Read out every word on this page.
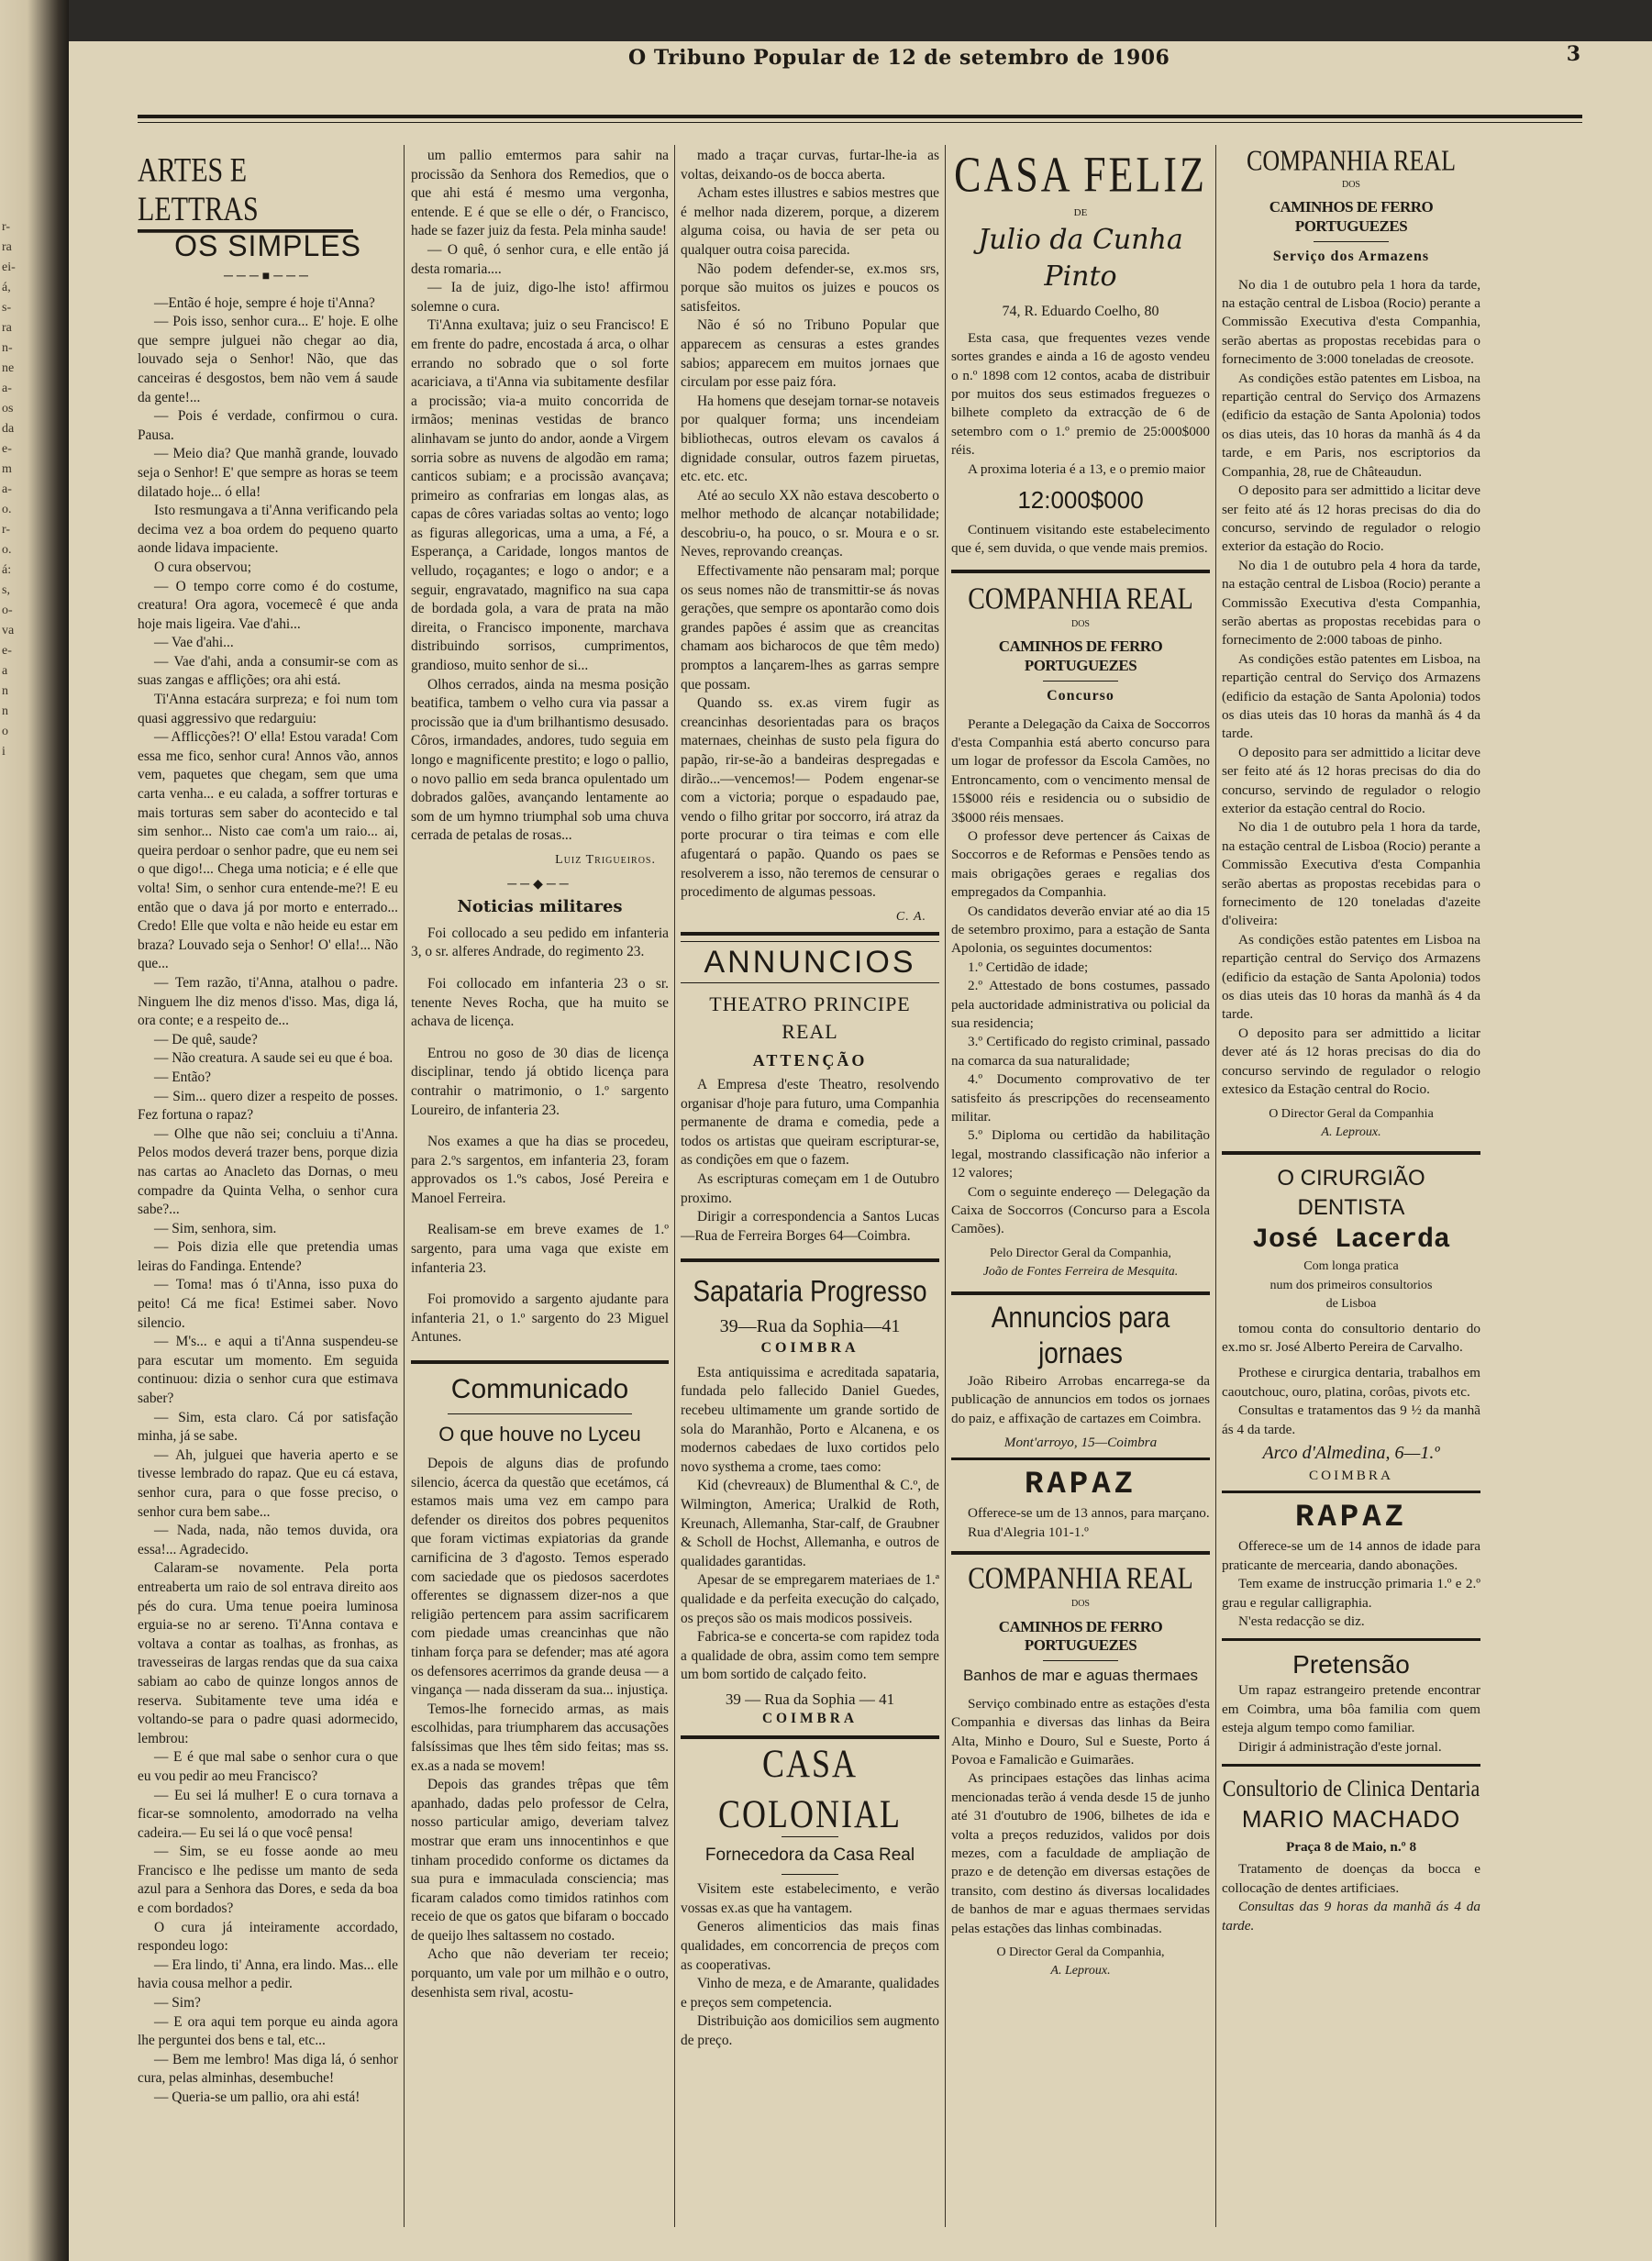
r-
ra
ei-
á,
s-
ra
n-
ne
a-
os
da
e-
m
a-
o.
r-
o.
á:
s,
o-
va
e-
a
n
n
o
i
O Tribuno Popular de 12 de setembro de 1906	3
ARTES E LETTRAS
OS SIMPLES
───■───

—Então é hoje, sempre é hoje ti'Anna?

— Pois isso, senhor cura... E' hoje. E olhe que sempre julguei não chegar ao dia, louvado seja o Senhor! Não, que das canceiras é desgostos, bem não vem á saude da gente!...

— Pois é verdade, confirmou o cura. Pausa.

— Meio dia? Que manhã grande, louvado seja o Senhor! E' que sempre as horas se teem dilatado hoje... ó ella!

Isto resmungava a ti'Anna verificando pela decima vez a boa ordem do pequeno quarto aonde lidava impaciente.

O cura observou;

— O tempo corre como é do costume, creatura! Ora agora, vocemecê é que anda hoje mais ligeira. Vae d'ahi...

— Vae d'ahi...

— Vae d'ahi, anda a consumir-se com as suas zangas e afflições; ora ahi está.

Ti'Anna estacára surpreza; e foi num tom quasi aggressivo que redarguiu:

— Afflicções?! O' ella! Estou varada! Com essa me fico, senhor cura! Annos vão, annos vem, paquetes que chegam, sem que uma carta venha... e eu calada, a soffrer torturas e mais torturas sem saber do acontecido e tal sim senhor... Nisto cae com'a um raio... ai, queira perdoar o senhor padre, que eu nem sei o que digo!... Chega uma noticia; e é elle que volta! Sim, o senhor cura entende-me?! E eu então que o dava já por morto e enterrado... Credo! Elle que volta e não heide eu estar em braza? Louvado seja o Senhor! O' ella!... Não que...

— Tem razão, ti'Anna, atalhou o padre. Ninguem lhe diz menos d'isso. Mas, diga lá, ora conte; e a respeito de...

— De quê, saude?

— Não creatura. A saude sei eu que é boa.

— Então?

— Sim... quero dizer a respeito de posses. Fez fortuna o rapaz?

— Olhe que não sei; concluiu a ti'Anna. Pelos modos deverá trazer bens, porque dizia nas cartas ao Anacleto das Dornas, o meu compadre da Quinta Velha, o senhor cura sabe?...

— Sim, senhora, sim.

— Pois dizia elle que pretendia umas leiras do Fandinga. Entende?

— Toma! mas ó ti'Anna, isso puxa do peito! Cá me fica! Estimei saber. Novo silencio.

— M's... e aqui a ti'Anna suspendeu-se para escutar um momento. Em seguida continuou: dizia o senhor cura que estimava saber?

— Sim, esta claro. Cá por satisfação minha, já se sabe.

— Ah, julguei que haveria aperto e se tivesse lembrado do rapaz. Que eu cá estava, senhor cura, para o que fosse preciso, o senhor cura bem sabe...

— Nada, nada, não temos duvida, ora essa!... Agradecido.

Calaram-se novamente. Pela porta entreaberta um raio de sol entrava direito aos pés do cura. Uma tenue poeira luminosa erguia-se no ar sereno. Ti'Anna contava e voltava a contar as toalhas, as fronhas, as travesseiras de largas rendas que da sua caixa sabiam ao cabo de quinze longos annos de reserva. Subitamente teve uma idéa e voltando-se para o padre quasi adormecido, lembrou:

— E é que mal sabe o senhor cura o que eu vou pedir ao meu Francisco?

— Eu sei lá mulher! E o cura tornava a ficar-se somnolento, amodorrado na velha cadeira.— Eu sei lá o que você pensa!

— Sim, se eu fosse aonde ao meu Francisco e lhe pedisse um manto de seda azul para a Senhora das Dores, e seda da boa e com bordados?

O cura já inteiramente accordado, respondeu logo:

— Era lindo, ti' Anna, era lindo. Mas... elle havia cousa melhor a pedir.

— Sim?

— E ora aqui tem porque eu ainda agora lhe perguntei dos bens e tal, etc...

— Bem me lembro! Mas diga lá, ó senhor cura, pelas alminhas, desembuche!

— Queria-se um pallio, ora ahi está!

um pallio emtermos para sahir na procissão da Senhora dos Remedios, que o que ahi está é mesmo uma vergonha, entende. E é que se elle o dér, o Francisco, hade se fazer juiz da festa. Pela minha saude!

— O quê, ó senhor cura, e elle então já desta romaria....

— Ia de juiz, digo-lhe isto! affirmou solemne o cura.

Ti'Anna exultava; juiz o seu Francisco! E em frente do padre, encostada á arca, o olhar errando no sobrado que o sol forte acariciava, a ti'Anna via subitamente desfilar a procissão; via-a muito concorrida de irmãos; meninas vestidas de branco alinhavam se junto do andor, aonde a Virgem sorria sobre as nuvens de algodão em rama; canticos subiam; e a procissão avançava; primeiro as confrarias em longas alas, as capas de côres variadas soltas ao vento; logo as figuras allegoricas, uma a uma, a Fé, a Esperança, a Caridade, longos mantos de velludo, roçagantes; e logo o andor; e a seguir, engravatado, magnifico na sua capa de bordada gola, a vara de prata na mão direita, o Francisco imponente, marchava distribuindo sorrisos, cumprimentos, grandioso, muito senhor de si...

Olhos cerrados, ainda na mesma posição beatifica, tambem o velho cura via passar a procissão que ia d'um brilhantismo desusado. Côros, irmandades, andores, tudo seguia em longo e magnificente prestito; e logo o pallio, o novo pallio em seda branca opulentado um dobrados galões, avançando lentamente ao som de um hymno triumphal sob uma chuva cerrada de petalas de rosas...

Luiz Trigueiros.
──◆──
Noticias militares

Foi collocado a seu pedido em infanteria 3, o sr. alferes Andrade, do regimento 23.

Foi collocado em infanteria 23 o sr. tenente Neves Rocha, que ha muito se achava de licença.

Entrou no goso de 30 dias de licença disciplinar, tendo já obtido licença para contrahir o matrimonio, o 1.º sargento Loureiro, de infanteria 23.

Nos exames a que ha dias se procedeu, para 2.ºs sargentos, em infanteria 23, foram approvados os 1.ºs cabos, José Pereira e Manoel Ferreira.

Realisam-se em breve exames de 1.º sargento, para uma vaga que existe em infanteria 23.

Foi promovido a sargento ajudante para infanteria 21, o 1.º sargento do 23 Miguel Antunes.

Communicado
O que houve no Lyceu

Depois de alguns dias de profundo silencio, ácerca da questão que ecetámos, cá estamos mais uma vez em campo para defender os direitos dos pobres pequenitos que foram victimas expiatorias da grande carnificina de 3 d'agosto. Temos esperado com saciedade que os piedosos sacerdotes offerentes se dignassem dizer-nos a que religião pertencem para assim sacrificarem com piedade umas creancinhas que não tinham força para se defender; mas até agora os defensores acerrimos da grande deusa — a vingança — nada disseram da sua... injustiça.

Temos-lhe fornecido armas, as mais escolhidas, para triumpharem das accusações falsíssimas que lhes têm sido feitas; mas ss. ex.as a nada se movem!

Depois das grandes trêpas que têm apanhado, dadas pelo professor de Celra, nosso particular amigo, deveriam talvez mostrar que eram uns innocentinhos e que tinham procedido conforme os dictames da sua pura e immaculada consciencia; mas ficaram calados como timidos ratinhos com receio de que os gatos que bifaram o boccado de queijo lhes saltassem no costado.

Acho que não deveriam ter receio; porquanto, um vale por um milhão e o outro, desenhista sem rival, acostu-

mado a traçar curvas, furtar-lhe-ia as voltas, deixando-os de bocca aberta.

Acham estes illustres e sabios mestres que é melhor nada dizerem, porque, a dizerem alguma coisa, ou havia de ser peta ou qualquer outra coisa parecida.

Não podem defender-se, ex.mos srs, porque são muitos os juizes e poucos os satisfeitos.

Não é só no Tribuno Popular que apparecem as censuras a estes grandes sabios; apparecem em muitos jornaes que circulam por esse paiz fóra.

Ha homens que desejam tornar-se notaveis por qualquer forma; uns incendeiam bibliothecas, outros elevam os cavalos á dignidade consular, outros fazem piruetas, etc. etc. etc.

Até ao seculo XX não estava descoberto o melhor methodo de alcançar notabilidade; descobriu-o, ha pouco, o sr. Moura e o sr. Neves, reprovando creanças.

Effectivamente não pensaram mal; porque os seus nomes não de transmittir-se ás novas gerações, que sempre os apontarão como dois grandes papões é assim que as creancitas chamam aos bicharocos de que têm medo) promptos a lançarem-lhes as garras sempre que possam.

Quando ss. ex.as virem fugir as creancinhas desorientadas para os braços maternaes, cheinhas de susto pela figura do papão, rir-se-ão a bandeiras despregadas e dirão...—vencemos!— Podem engenar-se com a victoria; porque o espadaudo pae, vendo o filho gritar por soccorro, irá atraz da porte procurar o tira teimas e com elle afugentará o papão. Quando os paes se resolverem a isso, não teremos de censurar o procedimento de algumas pessoas.

C. A.
ANNUNCIOS
THEATRO PRINCIPE REAL
ATTENÇÃO

A Empresa d'este Theatro, resolvendo organisar d'hoje para futuro, uma Companhia permanente de drama e comedia, pede a todos os artistas que queiram escripturar-se, as condições em que o fazem.

As escripturas começam em 1 de Outubro proximo.

Dirigir a correspondencia a Santos Lucas—Rua de Ferreira Borges 64—Coimbra.

Sapataria Progresso
39—Rua da Sophia—41
COIMBRA

Esta antiquissima e acreditada sapataria, fundada pelo fallecido Daniel Guedes, recebeu ultimamente um grande sortido de sola do Maranhão, Porto e Alcanena, e os modernos cabedaes de luxo cortidos pelo novo systhema a crome, taes como:

Kid (chevreaux) de Blumenthal & C.º, de Wilmington, America; Uralkid de Roth, Kreunach, Allemanha, Star-calf, de Graubner & Scholl de Hochst, Allemanha, e outros de qualidades garantidas.

Apesar de se empregarem materiaes de 1.ª qualidade e da perfeita execução do calçado, os preços são os mais modicos possiveis.

Fabrica-se e concerta-se com rapidez toda a qualidade de obra, assim como tem sempre um bom sortido de calçado feito.

39 — Rua da Sophia — 41
COIMBRA
CASA COLONIAL
Fornecedora da Casa Real

Visitem este estabelecimento, e verão vossas ex.as que ha vantagem.

Generos alimenticios das mais finas qualidades, em concorrencia de preços com as cooperativas.

Vinho de meza, e de Amarante, qualidades e preços sem competencia.

Distribuição aos domicilios sem augmento de preço.

CASA FELIZ
DE
Julio da Cunha Pinto
74, R. Eduardo Coelho, 80
Esta casa, que frequentes vezes vende sortes grandes e ainda a 16 de agosto vendeu o n.º 1898 com 12 contos, acaba de distribuir por muitos dos seus estimados freguezes o bilhete completo da extracção de 6 de setembro com o 1.º premio de 25:000$000 réis.
A proxima loteria é a 13, e o premio maior
12:000$000
Continuem visitando este estabelecimento que é, sem duvida, o que vende mais premios.
COMPANHIA REAL
DOS
CAMINHOS DE FERRO PORTUGUEZES
Concurso

Perante a Delegação da Caixa de Soccorros d'esta Companhia está aberto concurso para um logar de professor da Escola Camões, no Entroncamento, com o vencimento mensal de 15$000 réis e residencia ou o subsidio de 3$000 réis mensaes.

O professor deve pertencer ás Caixas de Soccorros e de Reformas e Pensões tendo as mais obrigações geraes e regalias dos empregados da Companhia.

Os candidatos deverão enviar até ao dia 15 de setembro proximo, para a estação de Santa Apolonia, os seguintes documentos:

1.º Certidão de idade;

2.º Attestado de bons costumes, passado pela auctoridade administrativa ou policial da sua residencia;

3.º Certificado do registo criminal, passado na comarca da sua naturalidade;

4.º Documento comprovativo de ter satisfeito ás prescripções do recenseamento militar.

5.º Diploma ou certidão da habilitação legal, mostrando classificação não inferior a 12 valores;

Com o seguinte endereço — Delegação da Caixa de Soccorros (Concurso para a Escola Camões).

Pelo Director Geral da Companhia,
João de Fontes Ferreira de Mesquita.
Annuncios para jornaes
João Ribeiro Arrobas encarrega-se da publicação de annuncios em todos os jornaes do paiz, e affixação de cartazes em Coimbra.
Mont'arroyo, 15—Coimbra
RAPAZ
Offerece-se um de 13 annos, para marçano.
Rua d'Alegria 101-1.º
COMPANHIA REAL
DOS
CAMINHOS DE FERRO PORTUGUEZES
Banhos de mar e aguas thermaes

Serviço combinado entre as estações d'esta Companhia e diversas das linhas da Beira Alta, Minho e Douro, Sul e Sueste, Porto á Povoa e Famalicão e Guimarães.

As principaes estações das linhas acima mencionadas terão á venda desde 15 de junho até 31 d'outubro de 1906, bilhetes de ida e volta a preços reduzidos, validos por dois mezes, com a faculdade de ampliação de prazo e de detenção em diversas estações de transito, com destino ás diversas localidades de banhos de mar e aguas thermaes servidas pelas estações das linhas combinadas.

O Director Geral da Companhia,
A. Leproux.
COMPANHIA REAL
DOS
CAMINHOS DE FERRO PORTUGUEZES
Serviço dos Armazens

No dia 1 de outubro pela 1 hora da tarde, na estação central de Lisboa (Rocio) perante a Commissão Executiva d'esta Companhia, serão abertas as propostas recebidas para o fornecimento de 3:000 toneladas de creosote.

As condições estão patentes em Lisboa, na repartição central do Serviço dos Armazens (edificio da estação de Santa Apolonia) todos os dias uteis, das 10 horas da manhã ás 4 da tarde, e em Paris, nos escriptorios da Companhia, 28, rue de Châteaudun.

O deposito para ser admittido a licitar deve ser feito até ás 12 horas precisas do dia do concurso, servindo de regulador o relogio exterior da estação do Rocio.

No dia 1 de outubro pela 4 hora da tarde, na estação central de Lisboa (Rocio) perante a Commissão Executiva d'esta Companhia, serão abertas as propostas recebidas para o fornecimento de 2:000 taboas de pinho.

As condições estão patentes em Lisboa, na repartição central do Serviço dos Armazens (edificio da estação de Santa Apolonia) todos os dias uteis das 10 horas da manhã ás 4 da tarde.

O deposito para ser admittido a licitar deve ser feito até ás 12 horas precisas do dia do concurso, servindo de regulador o relogio exterior da estação central do Rocio.

No dia 1 de outubro pela 1 hora da tarde, na estação central de Lisboa (Rocio) perante a Commissão Executiva d'esta Companhia serão abertas as propostas recebidas para o fornecimento de 120 toneladas d'azeite d'oliveira:

As condições estão patentes em Lisboa na repartição central do Serviço dos Armazens (edificio da estação de Santa Apolonia) todos os dias uteis das 10 horas da manhã ás 4 da tarde.

O deposito para ser admittido a licitar dever até ás 12 horas precisas do dia do concurso servindo de regulador o relogio extesico da Estação central do Rocio.

O Director Geral da Companhia
A. Leproux.
O CIRURGIÃO DENTISTA
José Lacerda
Com longa pratica
num dos primeiros consultorios
de Lisboa
tomou conta do consultorio dentario do ex.mo sr. José Alberto Pereira de Carvalho.
Prothese e cirurgica dentaria, trabalhos em caoutchouc, ouro, platina, corôas, pivots etc.
Consultas e tratamentos das 9 ½ da manhã ás 4 da tarde.
Arco d'Almedina, 6—1.º
COIMBRA
RAPAZ
Offerece-se um de 14 annos de idade para praticante de mercearia, dando abonações.
Tem exame de instrucção primaria 1.º e 2.º grau e regular calligraphia.
N'esta redacção se diz.
Pretensão
Um rapaz estrangeiro pretende encontrar em Coimbra, uma bôa familia com quem esteja algum tempo como familiar.
Dirigir á administração d'este jornal.
Consultorio de Clinica Dentaria
MARIO MACHADO
Praça 8 de Maio, n.º 8
Tratamento de doenças da bocca e collocação de dentes artificiaes.
Consultas das 9 horas da manhã ás 4 da tarde.
